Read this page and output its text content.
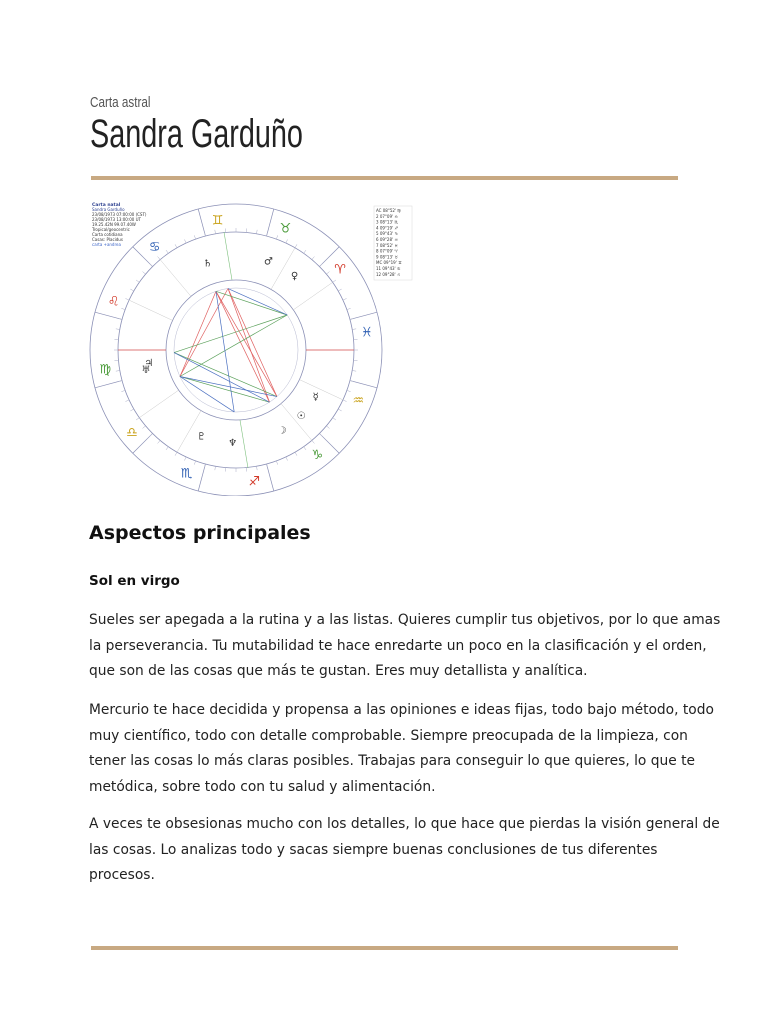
Carta astral
Sandra Garduño
♊
♉
♈
♓
♒
♑
♐
♏
♎
♍
♌
♋
♄
♃
♅
♇
♆
☿
♂
♀
☉
☽
Carta natal
Sandra Garduño
23/08/1973 07:00:00 (CST)
23/08/1973 13:00:00 UT
19.25.42N 99.07.40W
Tropical/geocentric
Carta cotidiana
Casas: Placidus
carta +andrea
AC 08°52' ♍
2 07°09' ♎
3 08°13' ♏
4 09°19' ♐
5 09°43' ♑
6 09°28' ♒
7 08°52' ♓
8 07°09' ♈
9 08°13' ♉
MC 09°19' ♊
11 09°43' ♋
12 09°28' ♌
Aspectos principales
Sol en virgo
Sueles ser apegada a la rutina y a las listas. Quieres cumplir tus objetivos, por lo que amas
la perseverancia. Tu mutabilidad te hace enredarte un poco en la clasificación y el orden,
que son de las cosas que más te gustan. Eres muy detallista y analítica.
Mercurio te hace decidida y propensa a las opiniones e ideas fijas, todo bajo método, todo
muy científico, todo con detalle comprobable. Siempre preocupada de la limpieza, con
tener las cosas lo más claras posibles. Trabajas para conseguir lo que quieres, lo que te
metódica, sobre todo con tu salud y alimentación.
A veces te obsesionas mucho con los detalles, lo que hace que pierdas la visión general de
las cosas. Lo analizas todo y sacas siempre buenas conclusiones de tus diferentes
procesos.
